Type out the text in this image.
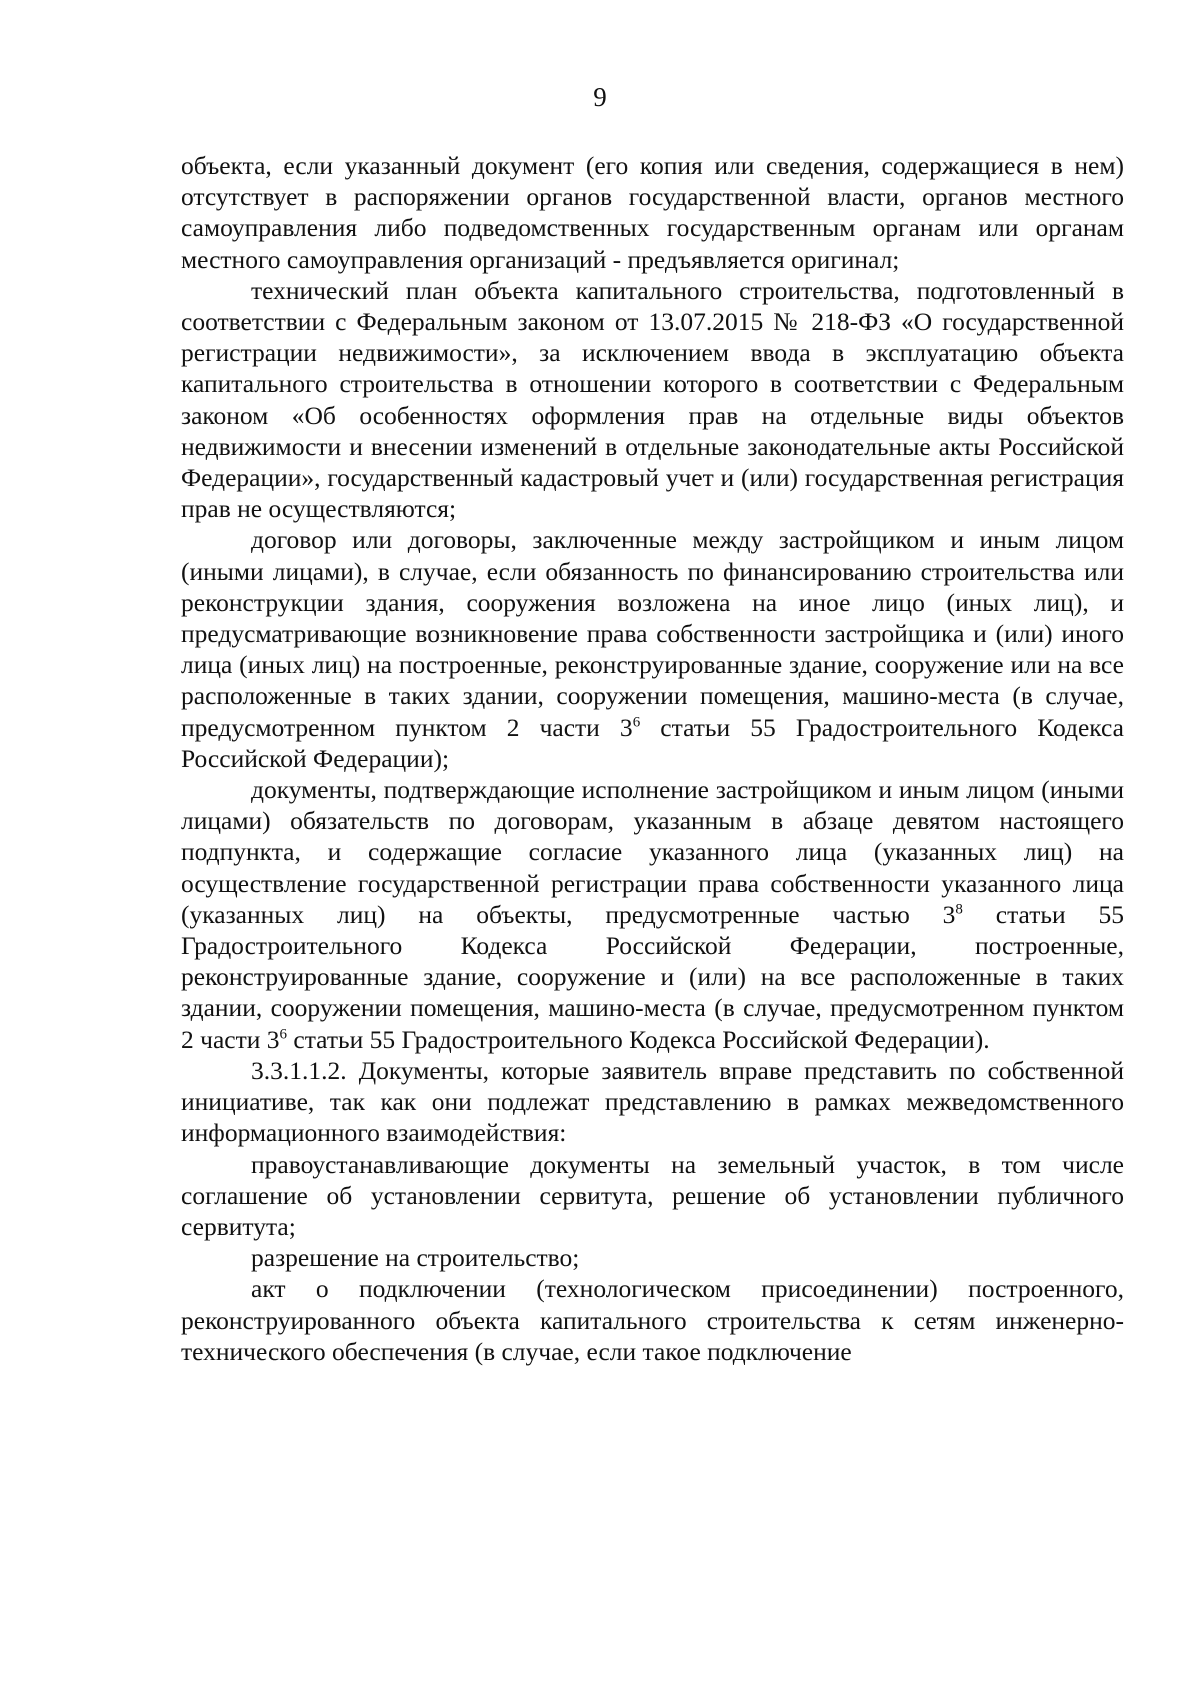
9

объекта, если указанный документ (его копия или сведения, содержащиеся в нем) отсутствует в распоряжении органов государственной власти, органов местного самоуправления либо подведомственных государственным органам или органам местного самоуправления организаций - предъявляется оригинал;

технический план объекта капитального строительства, подготовленный в соответствии с Федеральным законом от 13.07.2015 № 218-ФЗ «О государственной регистрации недвижимости», за исключением ввода в эксплуатацию объекта капитального строительства в отношении которого в соответствии с Федеральным законом «Об особенностях оформления прав на отдельные виды объектов недвижимости и внесении изменений в отдельные законодательные акты Российской Федерации», государственный кадастровый учет и (или) государственная регистрация прав не осуществляются;

договор или договоры, заключенные между застройщиком и иным лицом (иными лицами), в случае, если обязанность по финансированию строительства или реконструкции здания, сооружения возложена на иное лицо (иных лиц), и предусматривающие возникновение права собственности застройщика и (или) иного лица (иных лиц) на построенные, реконструированные здание, сооружение или на все расположенные в таких здании, сооружении помещения, машино-места (в случае, предусмотренном пунктом 2 части $3^6$ статьи 55 Градостроительного Кодекса Российской Федерации);

документы, подтверждающие исполнение застройщиком и иным лицом (иными лицами) обязательств по договорам, указанным в абзаце девятом настоящего подпункта, и содержащие согласие указанного лица (указанных лиц) на осуществление государственной регистрации права собственности указанного лица (указанных лиц) на объекты, предусмотренные частью $3^8$ статьи 55 Градостроительного Кодекса Российской Федерации, построенные, реконструированные здание, сооружение и (или) на все расположенные в таких здании, сооружении помещения, машино-места (в случае, предусмотренном пунктом 2 части $3^6$ статьи 55 Градостроительного Кодекса Российской Федерации).

3.3.1.1.2. Документы, которые заявитель вправе представить по собственной инициативе, так как они подлежат представлению в рамках межведомственного информационного взаимодействия:

правоустанавливающие документы на земельный участок, в том числе соглашение об установлении сервитута, решение об установлении публичного сервитута;

разрешение на строительство;

акт о подключении (технологическом присоединении) построенного, реконструированного объекта капитального строительства к сетям инженерно-технического обеспечения (в случае, если такое подключение
